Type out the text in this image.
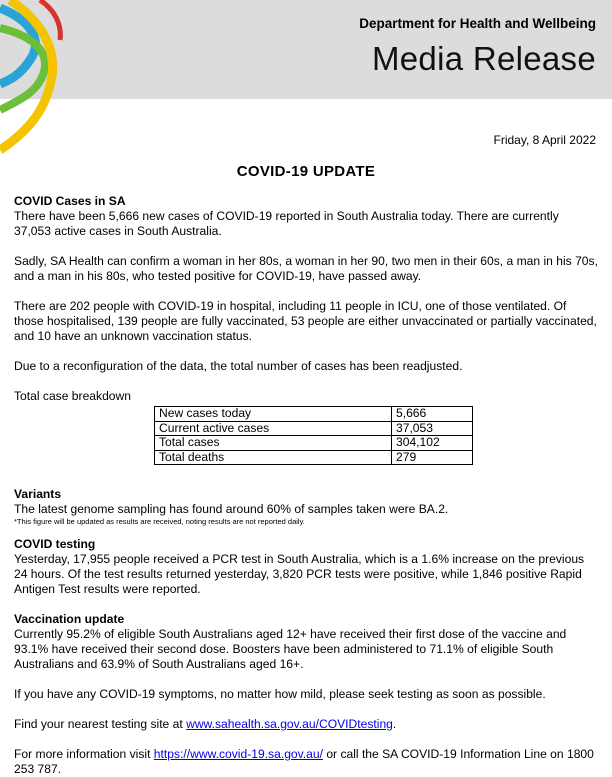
Department for Health and Wellbeing
Media Release
Friday, 8 April 2022
COVID-19 UPDATE

COVID Cases in SA

There have been 5,666 new cases of COVID-19 reported in South Australia today. There are currently 37,053 active cases in South Australia.

Sadly, SA Health can confirm a woman in her 80s, a woman in her 90, two men in their 60s, a man in his 70s, and a man in his 80s, who tested positive for COVID-19, have passed away.

There are 202 people with COVID-19 in hospital, including 11 people in ICU, one of those ventilated. Of those hospitalised, 139 people are fully vaccinated, 53 people are either unvaccinated or partially vaccinated, and 10 have an unknown vaccination status.

Due to a reconfiguration of the data, the total number of cases has been readjusted.

Total case breakdown

New cases today	5,666
Current active cases	37,053
Total cases	304,102
Total deaths	279

Variants

The latest genome sampling has found around 60% of samples taken were BA.2.

*This figure will be updated as results are received, noting results are not reported daily.

COVID testing

Yesterday, 17,955 people received a PCR test in South Australia, which is a 1.6% increase on the previous 24 hours. Of the test results returned yesterday, 3,820 PCR tests were positive, while 1,846 positive Rapid Antigen Test results were reported.

Vaccination update

Currently 95.2% of eligible South Australians aged 12+ have received their first dose of the vaccine and 93.1% have received their second dose. Boosters have been administered to 71.1% of eligible South Australians and 63.9% of South Australians aged 16+.

If you have any COVID-19 symptoms, no matter how mild, please seek testing as soon as possible.

Find your nearest testing site at www.sahealth.sa.gov.au/COVIDtesting.

For more information visit https://www.covid-19.sa.gov.au/ or call the SA COVID-19 Information Line on 1800 253 787.
